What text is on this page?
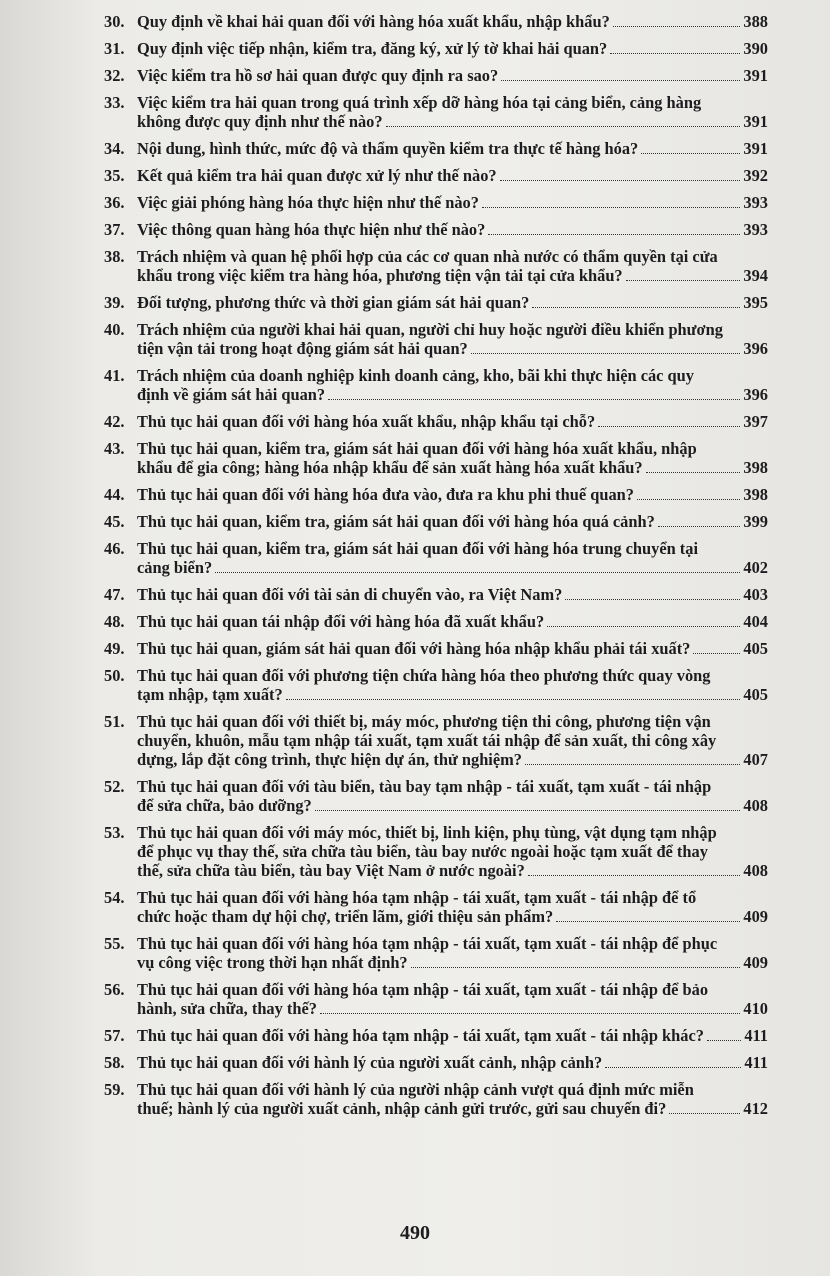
30. Quy định về khai hải quan đối với hàng hóa xuất khẩu, nhập khẩu?	388
31. Quy định việc tiếp nhận, kiểm tra, đăng ký, xử lý tờ khai hải quan?	390
32. Việc kiểm tra hồ sơ hải quan được quy định ra sao?	391
33. Việc kiểm tra hải quan trong quá trình xếp dỡ hàng hóa tại cảng biển, cảng hàng
không được quy định như thế nào?	391
34. Nội dung, hình thức, mức độ và thẩm quyền kiểm tra thực tế hàng hóa?	391
35. Kết quả kiểm tra hải quan được xử lý như thế nào?	392
36. Việc giải phóng hàng hóa thực hiện như thế nào?	393
37. Việc thông quan hàng hóa thực hiện như thế nào?	393
38. Trách nhiệm và quan hệ phối hợp của các cơ quan nhà nước có thẩm quyền tại cửa
khẩu trong việc kiểm tra hàng hóa, phương tiện vận tải tại cửa khẩu?	394
39. Đối tượng, phương thức và thời gian giám sát hải quan?	395
40. Trách nhiệm của người khai hải quan, người chỉ huy hoặc người điều khiển phương
tiện vận tải trong hoạt động giám sát hải quan?	396
41. Trách nhiệm của doanh nghiệp kinh doanh cảng, kho, bãi khi thực hiện các quy
định về giám sát hải quan?	396
42. Thủ tục hải quan đối với hàng hóa xuất khẩu, nhập khẩu tại chỗ?	397
43. Thủ tục hải quan, kiểm tra, giám sát hải quan đối với hàng hóa xuất khẩu, nhập
khẩu để gia công; hàng hóa nhập khẩu để sản xuất hàng hóa xuất khẩu?	398
44. Thủ tục hải quan đối với hàng hóa đưa vào, đưa ra khu phi thuế quan?	398
45. Thủ tục hải quan, kiểm tra, giám sát hải quan đối với hàng hóa quá cảnh?	399
46. Thủ tục hải quan, kiểm tra, giám sát hải quan đối với hàng hóa trung chuyển tại
cảng biển?	402
47. Thủ tục hải quan đối với tài sản di chuyển vào, ra Việt Nam?	403
48. Thủ tục hải quan tái nhập đối với hàng hóa đã xuất khẩu?	404
49. Thủ tục hải quan, giám sát hải quan đối với hàng hóa nhập khẩu phải tái xuất?	405
50. Thủ tục hải quan đối với phương tiện chứa hàng hóa theo phương thức quay vòng
tạm nhập, tạm xuất?	405
51. Thủ tục hải quan đối với thiết bị, máy móc, phương tiện thi công, phương tiện vận
chuyển, khuôn, mẫu tạm nhập tái xuất, tạm xuất tái nhập để sản xuất, thi công xây
dựng, lắp đặt công trình, thực hiện dự án, thử nghiệm?	407
52. Thủ tục hải quan đối với tàu biển, tàu bay tạm nhập - tái xuất, tạm xuất - tái nhập
để sửa chữa, bảo dưỡng?	408
53. Thủ tục hải quan đối với máy móc, thiết bị, linh kiện, phụ tùng, vật dụng tạm nhập
để phục vụ thay thế, sửa chữa tàu biển, tàu bay nước ngoài hoặc tạm xuất để thay
thế, sửa chữa tàu biển, tàu bay Việt Nam ở nước ngoài?	408
54. Thủ tục hải quan đối với hàng hóa tạm nhập - tái xuất, tạm xuất - tái nhập để tổ
chức hoặc tham dự hội chợ, triển lãm, giới thiệu sản phẩm?	409
55. Thủ tục hải quan đối với hàng hóa tạm nhập - tái xuất, tạm xuất - tái nhập để phục
vụ công việc trong thời hạn nhất định?	409
56. Thủ tục hải quan đối với hàng hóa tạm nhập - tái xuất, tạm xuất - tái nhập để bảo
hành, sửa chữa, thay thế?	410
57. Thủ tục hải quan đối với hàng hóa tạm nhập - tái xuất, tạm xuất - tái nhập khác? 411
58. Thủ tục hải quan đối với hành lý của người xuất cảnh, nhập cảnh?	411
59. Thủ tục hải quan đối với hành lý của người nhập cảnh vượt quá định mức miễn
thuế; hành lý của người xuất cảnh, nhập cảnh gửi trước, gửi sau chuyến đi?	412
490
